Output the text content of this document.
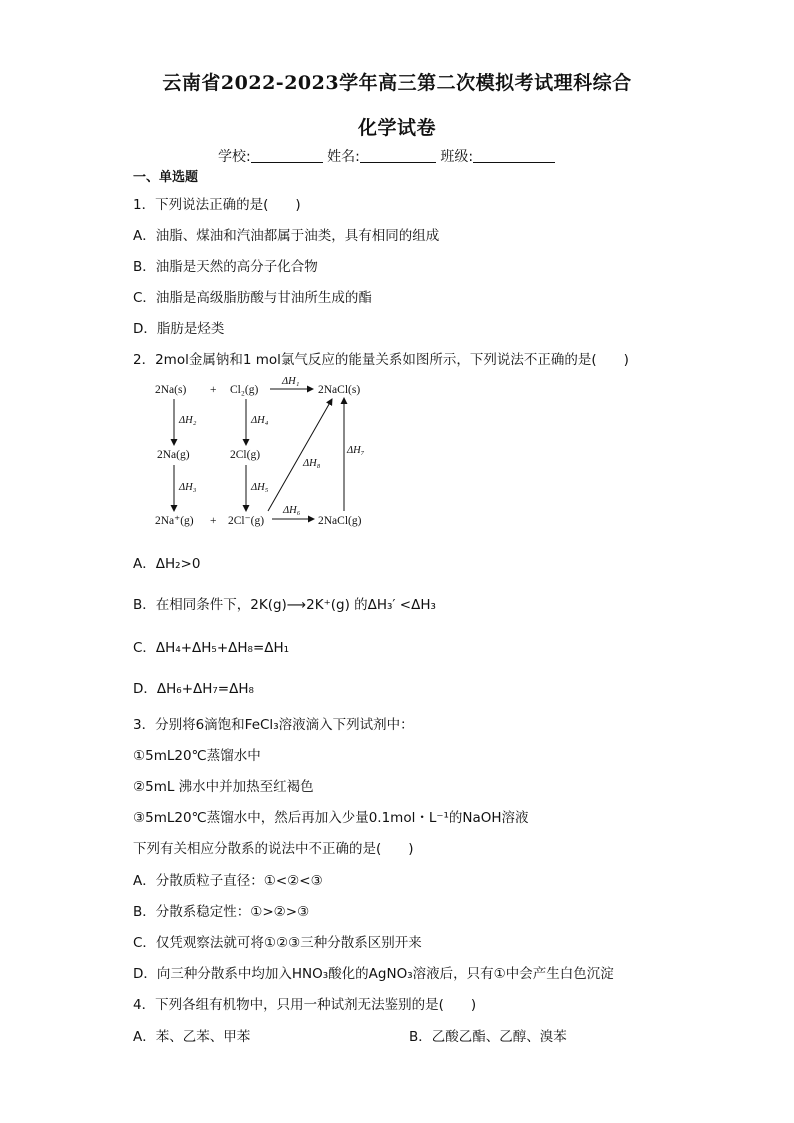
云南省2022-2023学年高三第二次模拟考试理科综合
化学试卷
学校:	姓名:	班级:
一、单选题
1．下列说法正确的是(　　)
A．油脂、煤油和汽油都属于油类，具有相同的组成
B．油脂是天然的高分子化合物
C．油脂是高级脂肪酸与甘油所生成的酯
D．脂肪是烃类
2．2mol金属钠和1 mol氯气反应的能量关系如图所示，下列说法不正确的是(　　)
2Na(s) + Cl₂(g)	2NaCl(s)
2Na(g)	2Cl(g)
2Na⁺(g) + 2Cl⁻(g)	2NaCl(g)
ΔH₁
ΔH₂
ΔH₃
ΔH₄
ΔH₅
ΔH₆
ΔH₇
ΔH₈
A．ΔH₂>0
B．在相同条件下，2K(g)⟶2K⁺(g) 的ΔH₃′ <ΔH₃
C．ΔH₄+ΔH₅+ΔH₈=ΔH₁
D．ΔH₆+ΔH₇=ΔH₈
3．分别将6滴饱和FeCl₃溶液滴入下列试剂中：
①5mL20℃蒸馏水中
②5mL 沸水中并加热至红褐色
③5mL20℃蒸馏水中，然后再加入少量0.1mol・L⁻¹的NaOH溶液
下列有关相应分散系的说法中不正确的是(　　)
A．分散质粒子直径：①<②<③
B．分散系稳定性：①>②>③
C．仅凭观察法就可将①②③三种分散系区别开来
D．向三种分散系中均加入HNO₃酸化的AgNO₃溶液后，只有①中会产生白色沉淀
4．下列各组有机物中，只用一种试剂无法鉴别的是(　　)
A．苯、乙苯、甲苯	B．乙酸乙酯、乙醇、溴苯
